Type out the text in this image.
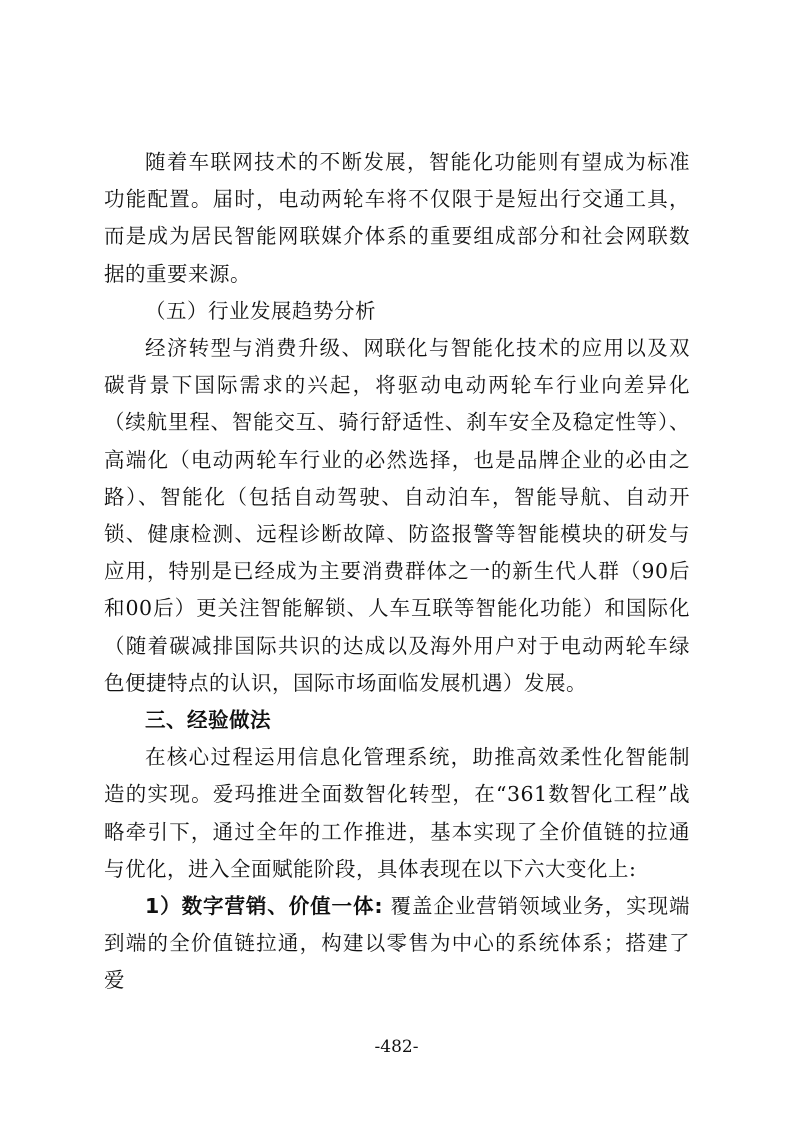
随着车联网技术的不断发展，智能化功能则有望成为标准功能配置。届时，电动两轮车将不仅限于是短出行交通工具，而是成为居民智能网联媒介体系的重要组成部分和社会网联数据的重要来源。

（五）行业发展趋势分析

经济转型与消费升级、网联化与智能化技术的应用以及双碳背景下国际需求的兴起，将驱动电动两轮车行业向差异化（续航里程、智能交互、骑行舒适性、刹车安全及稳定性等）、高端化（电动两轮车行业的必然选择，也是品牌企业的必由之路）、智能化（包括自动驾驶、自动泊车，智能导航、自动开锁、健康检测、远程诊断故障、防盗报警等智能模块的研发与应用，特别是已经成为主要消费群体之一的新生代人群（90后和00后）更关注智能解锁、人车互联等智能化功能）和国际化（随着碳减排国际共识的达成以及海外用户对于电动两轮车绿色便捷特点的认识，国际市场面临发展机遇）发展。

三、经验做法

在核心过程运用信息化管理系统，助推高效柔性化智能制造的实现。爱玛推进全面数智化转型，在“361数智化工程”战略牵引下，通过全年的工作推进，基本实现了全价值链的拉通与优化，进入全面赋能阶段，具体表现在以下六大变化上:

1）数字营销、价值一体: 覆盖企业营销领域业务，实现端到端的全价值链拉通，构建以零售为中心的系统体系；搭建了爱

-482-
